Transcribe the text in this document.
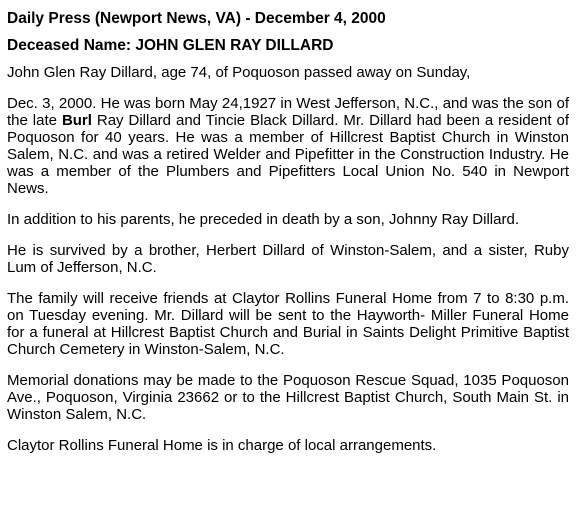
Daily Press (Newport News, VA) - December 4, 2000
Deceased Name: JOHN GLEN RAY DILLARD
John Glen Ray Dillard, age 74, of Poquoson passed away on Sunday,
Dec. 3, 2000. He was born May 24,1927 in West Jefferson, N.C., and was the son of the late Burl Ray Dillard and Tincie Black Dillard. Mr. Dillard had been a resident of Poquoson for 40 years. He was a member of Hillcrest Baptist Church in Winston Salem, N.C. and was a retired Welder and Pipefitter in the Construction Industry. He was a member of the Plumbers and Pipefitters Local Union No. 540 in Newport News.
In addition to his parents, he preceded in death by a son, Johnny Ray Dillard.
He is survived by a brother, Herbert Dillard of Winston-Salem, and a sister, Ruby Lum of Jefferson, N.C.
The family will receive friends at Claytor Rollins Funeral Home from 7 to 8:30 p.m. on Tuesday evening. Mr. Dillard will be sent to the Hayworth- Miller Funeral Home for a funeral at Hillcrest Baptist Church and Burial in Saints Delight Primitive Baptist Church Cemetery in Winston-Salem, N.C.
Memorial donations may be made to the Poquoson Rescue Squad, 1035 Poquoson Ave., Poquoson, Virginia 23662 or to the Hillcrest Baptist Church, South Main St. in Winston Salem, N.C.
Claytor Rollins Funeral Home is in charge of local arrangements.
